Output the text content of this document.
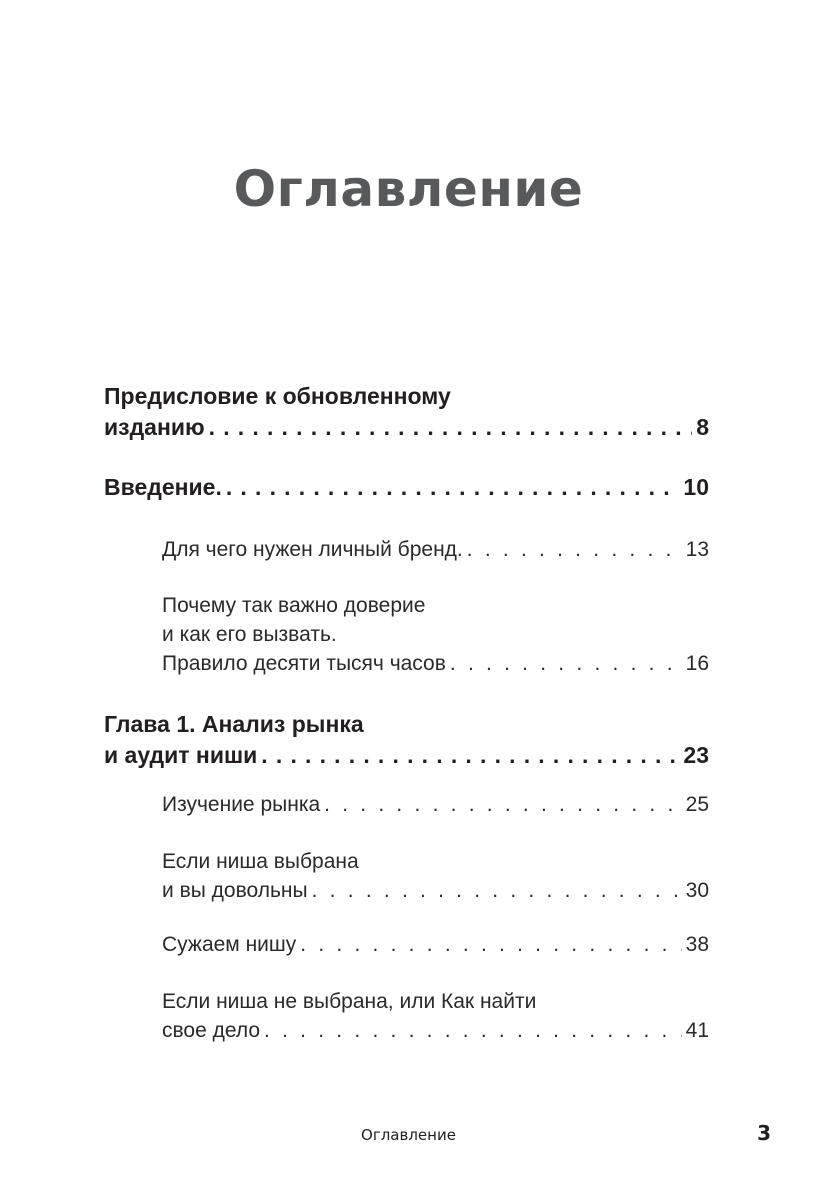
Оглавление
Предисловие к обновленному
изданию . . .	8
Введение. . . .	10
Для чего нужен личный бренд. . . .	13
Почему так важно доверие
и как его вызвать.
Правило десяти тысяч часов . . .	16
Глава 1. Анализ рынка
и аудит ниши . . .	23
Изучение рынка . . .	25
Если ниша выбрана
и вы довольны . . .	30
Сужаем нишу . . .	38
Если ниша не выбрана, или Как найти
свое дело . . .	41
Оглавление	3
